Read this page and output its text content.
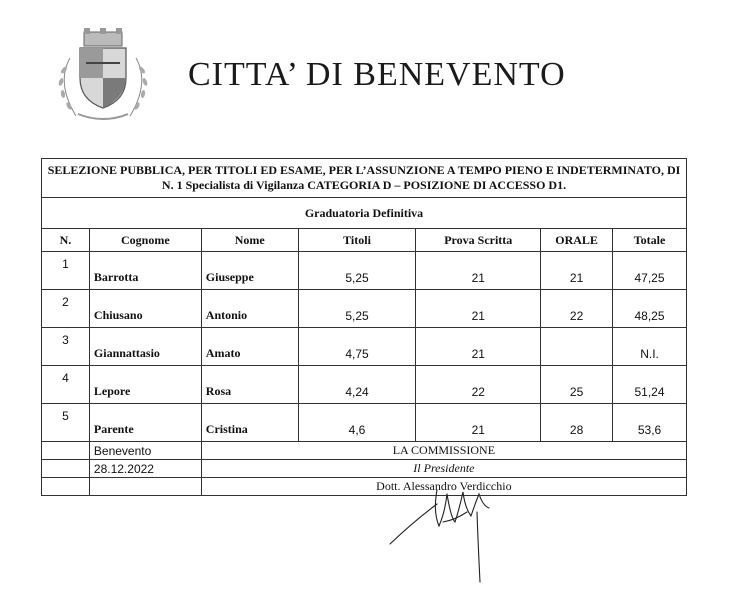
CITTA’ DI BENEVENTO
SELEZIONE PUBBLICA, PER TITOLI ED ESAME, PER L’ASSUNZIONE A TEMPO PIENO E INDETERMINATO, DI N. 1 Specialista di Vigilanza CATEGORIA D – POSIZIONE DI ACCESSO D1.						
Graduatoria Definitiva						
N.	Cognome	Nome	Titoli	Prova Scritta	ORALE	Totale
1	Barrotta	Giuseppe	5,25	21	21	47,25
2	Chiusano	Antonio	5,25	21	22	48,25
3	Giannattasio	Amato	4,75	21		N.I.
4	Lepore	Rosa	4,24	22	25	51,24
5	Parente	Cristina	4,6	21	28	53,6
	Benevento	LA COMMISSIONE				
	28.12.2022	Il Presidente				
		Dott. Alessandro Verdicchio				
